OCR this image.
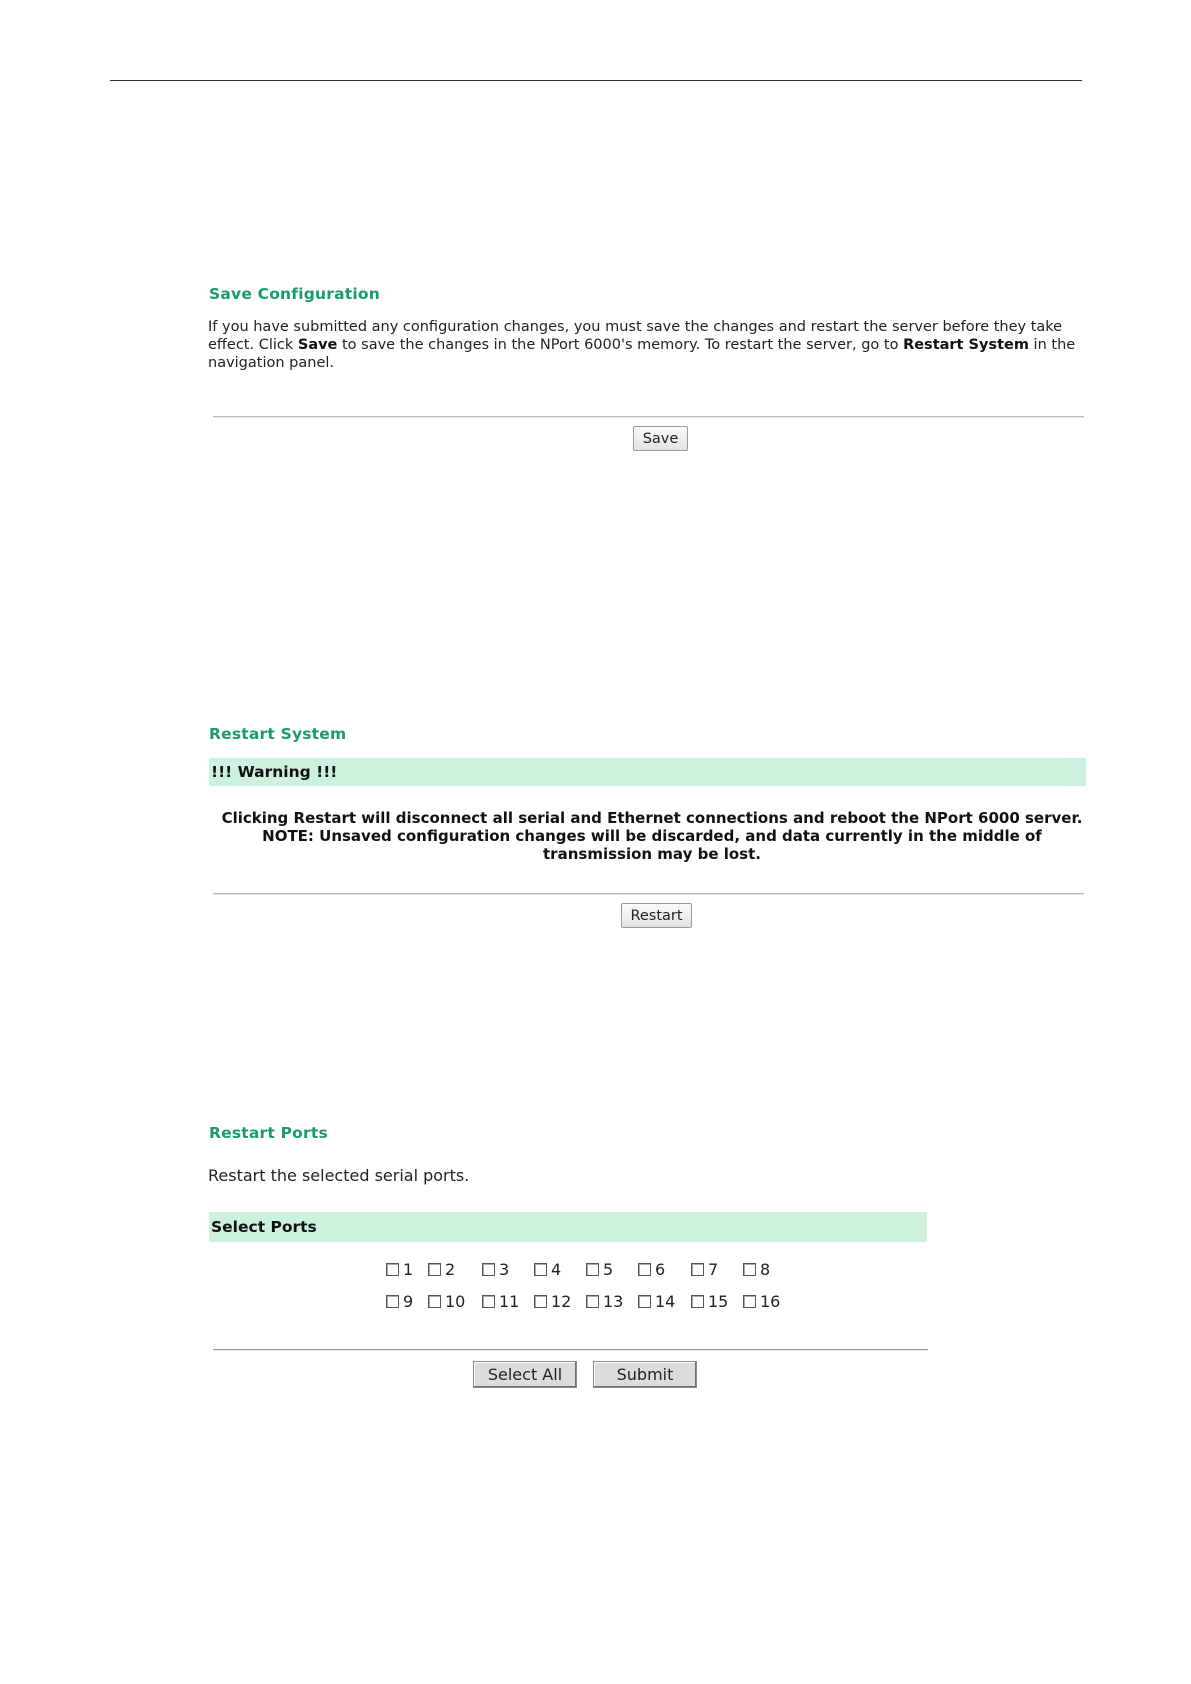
Save Configuration
If you have submitted any configuration changes, you must save the changes and restart the server before they take effect. Click Save to save the changes in the NPort 6000's memory. To restart the server, go to Restart System in the navigation panel.
Save
Restart System
!!! Warning !!!
Clicking Restart will disconnect all serial and Ethernet connections and reboot the NPort 6000 server.
NOTE: Unsaved configuration changes will be discarded, and data currently in the middle of transmission may be lost.
Restart
Restart Ports
Restart the selected serial ports.
Select Ports
1 2	3	4	5	6	7	8
9 10 11 12 13 14 15 16
Select All	Submit
